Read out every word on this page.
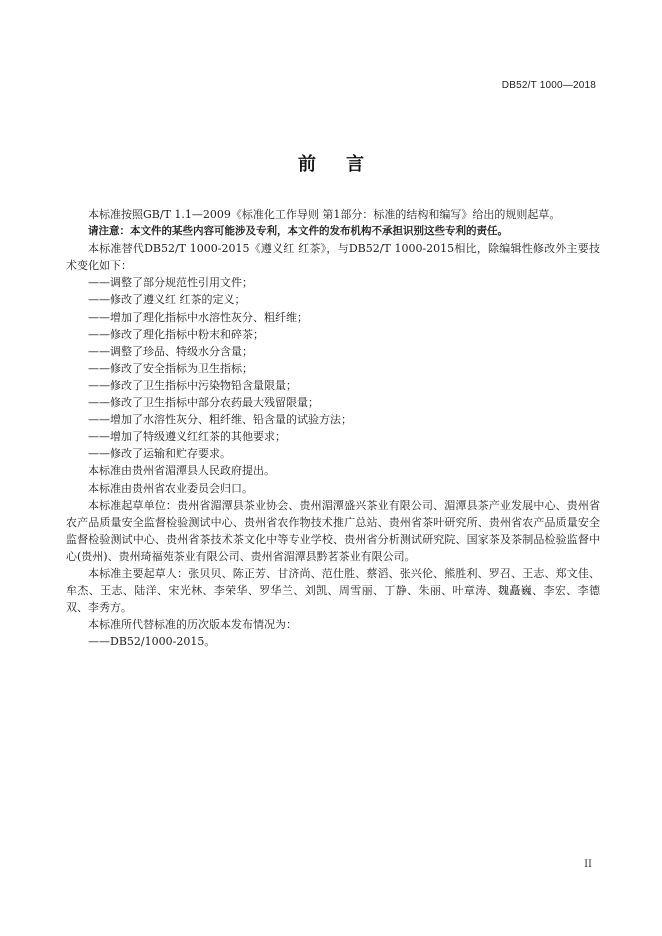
DB52/T 1000—2018
前言

本标准按照GB/T 1.1—2009《标准化工作导则 第1部分：标准的结构和编写》给出的规则起草。

请注意：本文件的某些内容可能涉及专利，本文件的发布机构不承担识别这些专利的责任。

本标准替代DB52/T 1000-2015《遵义红 红茶》，与DB52/T 1000-2015相比，除编辑性修改外主要技术变化如下：

——调整了部分规范性引用文件；

——修改了遵义红 红茶的定义；

——增加了理化指标中水溶性灰分、粗纤维；

——修改了理化指标中粉末和碎茶；

——调整了珍品、特级水分含量；

——修改了安全指标为卫生指标；

——修改了卫生指标中污染物铅含量限量；

——修改了卫生指标中部分农药最大残留限量；

——增加了水溶性灰分、粗纤维、铅含量的试验方法；

——增加了特级遵义红红茶的其他要求；

——修改了运输和贮存要求。

本标准由贵州省湄潭县人民政府提出。

本标准由贵州省农业委员会归口。

本标准起草单位：贵州省湄潭县茶业协会、贵州湄潭盛兴茶业有限公司、湄潭县茶产业发展中心、贵州省农产品质量安全监督检验测试中心、贵州省农作物技术推广总站、贵州省茶叶研究所、贵州省农产品质量安全监督检验测试中心、贵州省茶技术茶文化中等专业学校、贵州省分析测试研究院、国家茶及茶制品检验监督中心(贵州)、贵州琦福苑茶业有限公司、贵州省湄潭县黔茗茶业有限公司。

本标准主要起草人：张贝贝、陈正芳、甘济尚、范仕胜、蔡滔、张兴伦、熊胜利、罗召、王志、郑文佳、牟杰、王志、陆洋、宋光林、李荣华、罗华兰、刘凯、周雪丽、丁静、朱丽、叶章涛、魏矗巍、李宏、李德双、李秀方。

本标准所代替标准的历次版本发布情况为：

——DB52/1000-2015。

II
